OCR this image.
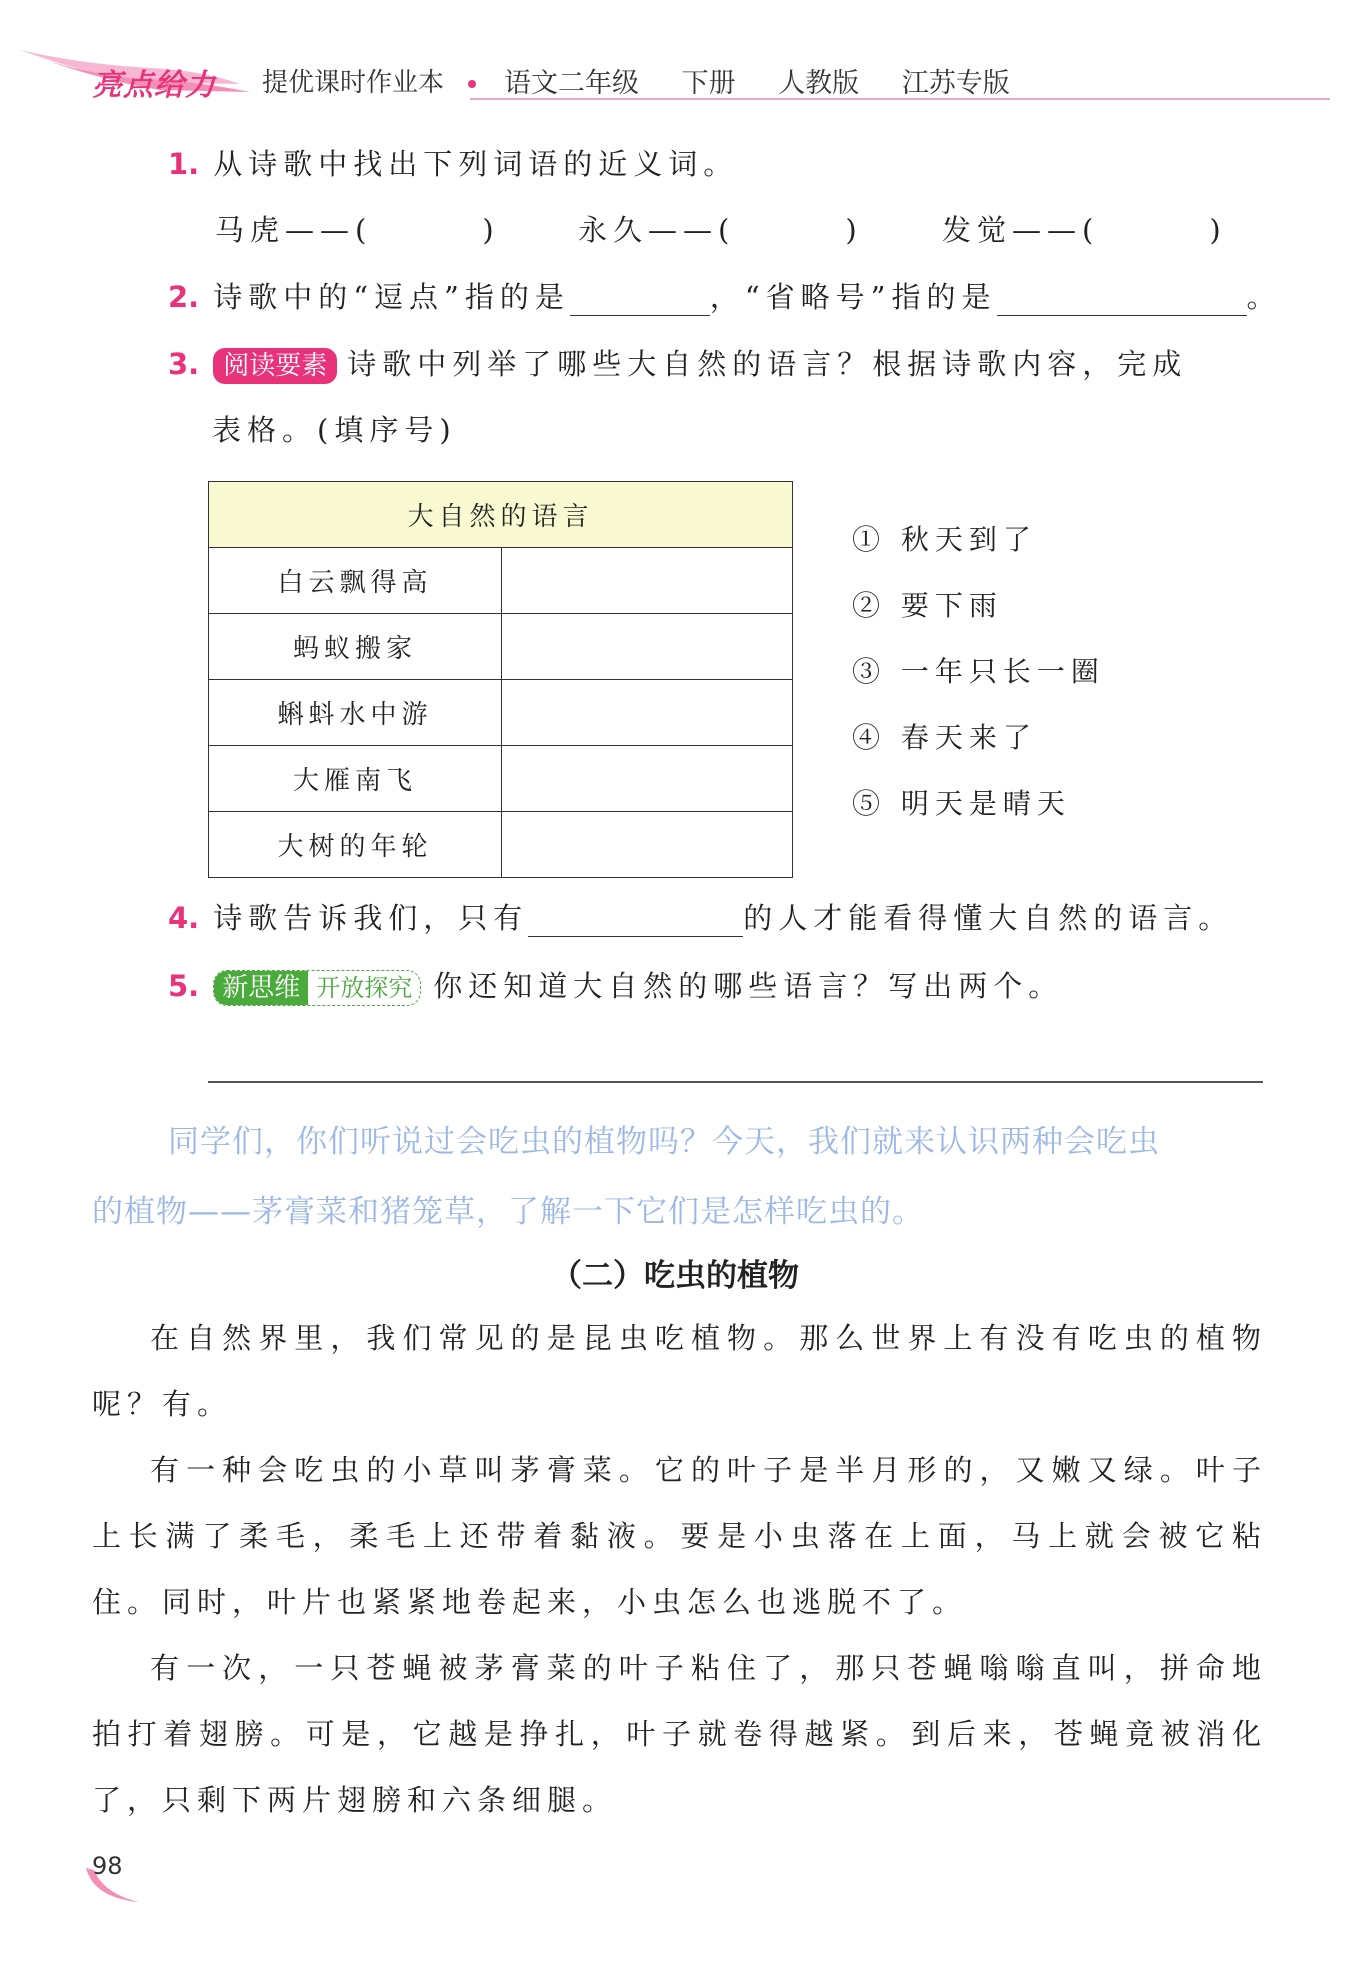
亮点给力 提优课时作业本 语文二年级 下册 人教版 江苏专版
1. 从诗歌中找出下列词语的近义词。
马虎——(	)	永久——(	)	发觉——(	)
2. 诗歌中的“逗点”指的是	，“省略号”指的是	。
3. 阅读要素 诗歌中列举了哪些大自然的语言？根据诗歌内容，完成
表格。(填序号)
大自然的语言	
白云飘得高	
蚂蚁搬家	
蝌蚪水中游	
大雁南飞	
大树的年轮	
① 秋天到了
② 要下雨
③ 一年只长一圈
④ 春天来了
⑤ 明天是晴天
4. 诗歌告诉我们，只有	的人才能看得懂大自然的语言。
5. 新思维 开放探究 你还知道大自然的哪些语言？写出两个。
同学们，你们听说过会吃虫的植物吗？今天，我们就来认识两种会吃虫
的植物——茅膏菜和猪笼草，了解一下它们是怎样吃虫的。
（二）吃虫的植物

在自然界里，我们常见的是昆虫吃植物。那么世界上有没有吃虫的植物呢？有。

有一种会吃虫的小草叫茅膏菜。它的叶子是半月形的，又嫩又绿。叶子上长满了柔毛，柔毛上还带着黏液。要是小虫落在上面，马上就会被它粘住。同时，叶片也紧紧地卷起来，小虫怎么也逃脱不了。

有一次，一只苍蝇被茅膏菜的叶子粘住了，那只苍蝇嗡嗡直叫，拼命地拍打着翅膀。可是，它越是挣扎，叶子就卷得越紧。到后来，苍蝇竟被消化了，只剩下两片翅膀和六条细腿。

98
